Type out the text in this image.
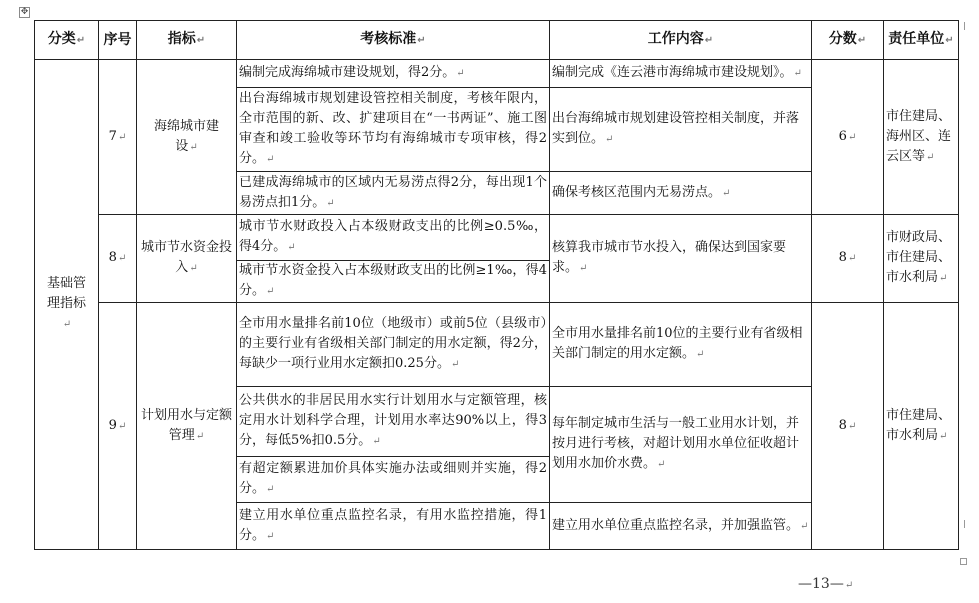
✥
分类↵	序号	指标↵	考核标准↵	工作内容↵	分数↵	责任单位↵
基础管理指标↵	7↵	海绵城市建设↵	编制完成海绵城市建设规划，得2分。↵	编制完成《连云港市海绵城市建设规划》。↵	6↵	市住建局、海州区、连云区等↵
			出台海绵城市规划建设管控相关制度，考核年限内，全市范围的新、改、扩建项目在“一书两证”、施工图审查和竣工验收等环节均有海绵城市专项审核，得2分。↵	出台海绵城市规划建设管控相关制度，并落实到位。↵		
			已建成海绵城市的区域内无易涝点得2分，每出现1个易涝点扣1分。↵	确保考核区范围内无易涝点。↵		
	8↵	城市节水资金投入↵	城市节水财政投入占本级财政支出的比例≥0.5‰，得4分。↵	核算我市城市节水投入，确保达到国家要求。↵	8↵	市财政局、市住建局、市水利局↵
			城市节水资金投入占本级财政支出的比例≥1‰，得4分。↵			
	9↵	计划用水与定额管理↵	全市用水量排名前10位（地级市）或前5位（县级市）的主要行业有省级相关部门制定的用水定额，得2分，每缺少一项行业用水定额扣0.25分。↵	全市用水量排名前10位的主要行业有省级相关部门制定的用水定额。↵	8↵	市住建局、市水利局↵
			公共供水的非居民用水实行计划用水与定额管理，核定用水计划科学合理，计划用水率达90%以上，得3分，每低5%扣0.5分。↵	每年制定城市生活与一般工业用水计划，并按月进行考核，对超计划用水单位征收超计划用水加价水费。↵		
			有超定额累进加价具体实施办法或细则并实施，得2分。↵			
			建立用水单位重点监控名录，有用水监控措施，得1分。↵	建立用水单位重点监控名录，并加强监管。↵		
—13—↵
